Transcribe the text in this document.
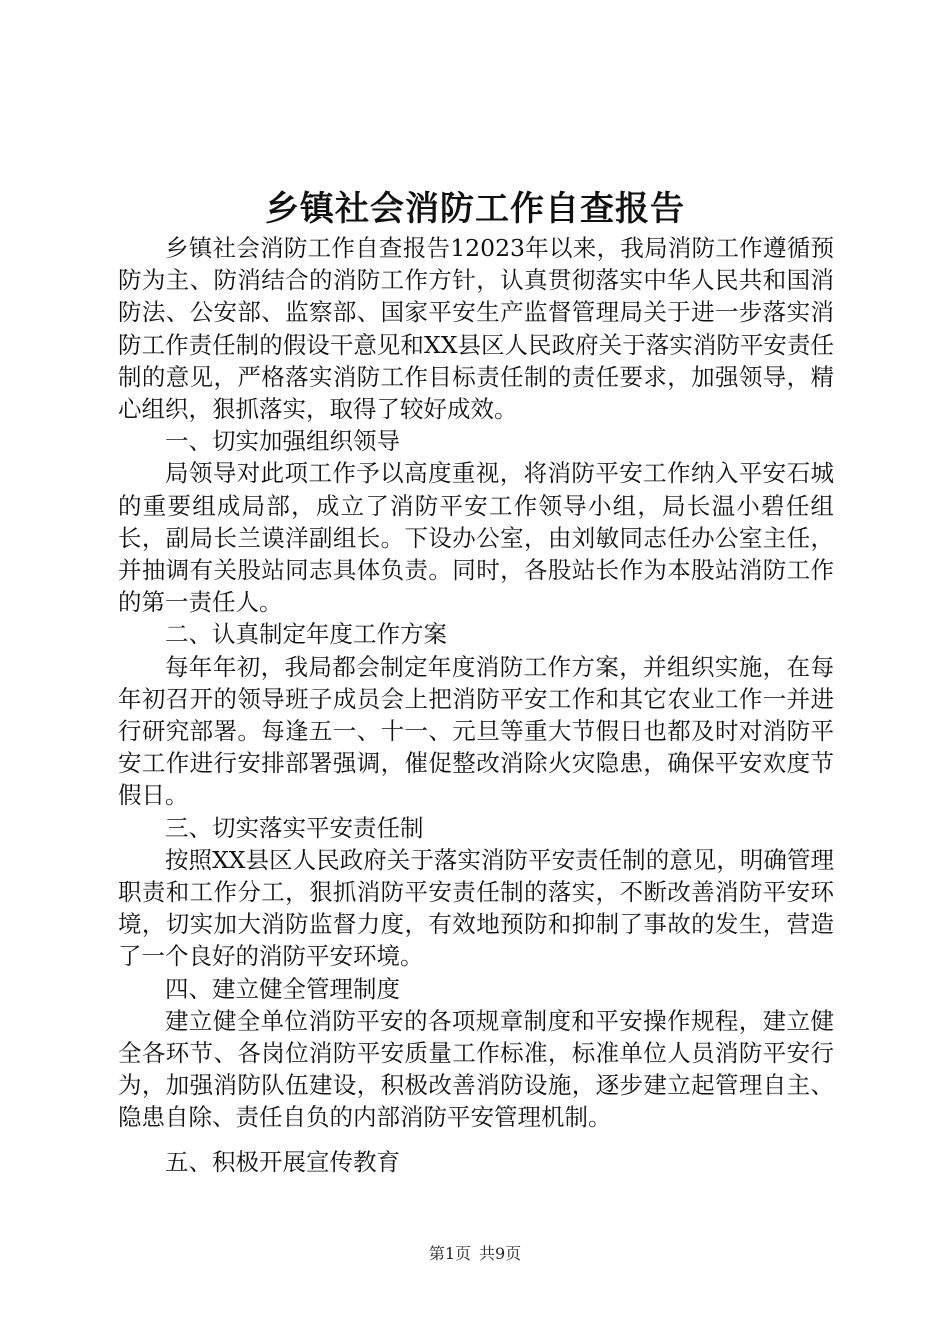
乡镇社会消防工作自查报告

乡镇社会消防工作自查报告12023年以来，我局消防工作遵循预防为主、防消结合的消防工作方针，认真贯彻落实中华人民共和国消防法、公安部、监察部、国家平安生产监督管理局关于进一步落实消防工作责任制的假设干意见和XX县区人民政府关于落实消防平安责任制的意见，严格落实消防工作目标责任制的责任要求，加强领导，精心组织，狠抓落实，取得了较好成效。

一、切实加强组织领导

局领导对此项工作予以高度重视，将消防平安工作纳入平安石城的重要组成局部，成立了消防平安工作领导小组，局长温小碧任组长，副局长兰谟洋副组长。下设办公室，由刘敏同志任办公室主任，并抽调有关股站同志具体负责。同时，各股站长作为本股站消防工作的第一责任人。

二、认真制定年度工作方案

每年年初，我局都会制定年度消防工作方案，并组织实施，在每年初召开的领导班子成员会上把消防平安工作和其它农业工作一并进行研究部署。每逢五一、十一、元旦等重大节假日也都及时对消防平安工作进行安排部署强调，催促整改消除火灾隐患，确保平安欢度节假日。

三、切实落实平安责任制

按照XX县区人民政府关于落实消防平安责任制的意见，明确管理职责和工作分工，狠抓消防平安责任制的落实，不断改善消防平安环境，切实加大消防监督力度，有效地预防和抑制了事故的发生，营造了一个良好的消防平安环境。

四、建立健全管理制度

建立健全单位消防平安的各项规章制度和平安操作规程，建立健全各环节、各岗位消防平安质量工作标准，标准单位人员消防平安行为，加强消防队伍建设，积极改善消防设施，逐步建立起管理自主、隐患自除、责任自负的内部消防平安管理机制。

五、积极开展宣传教育

第1页 共9页
